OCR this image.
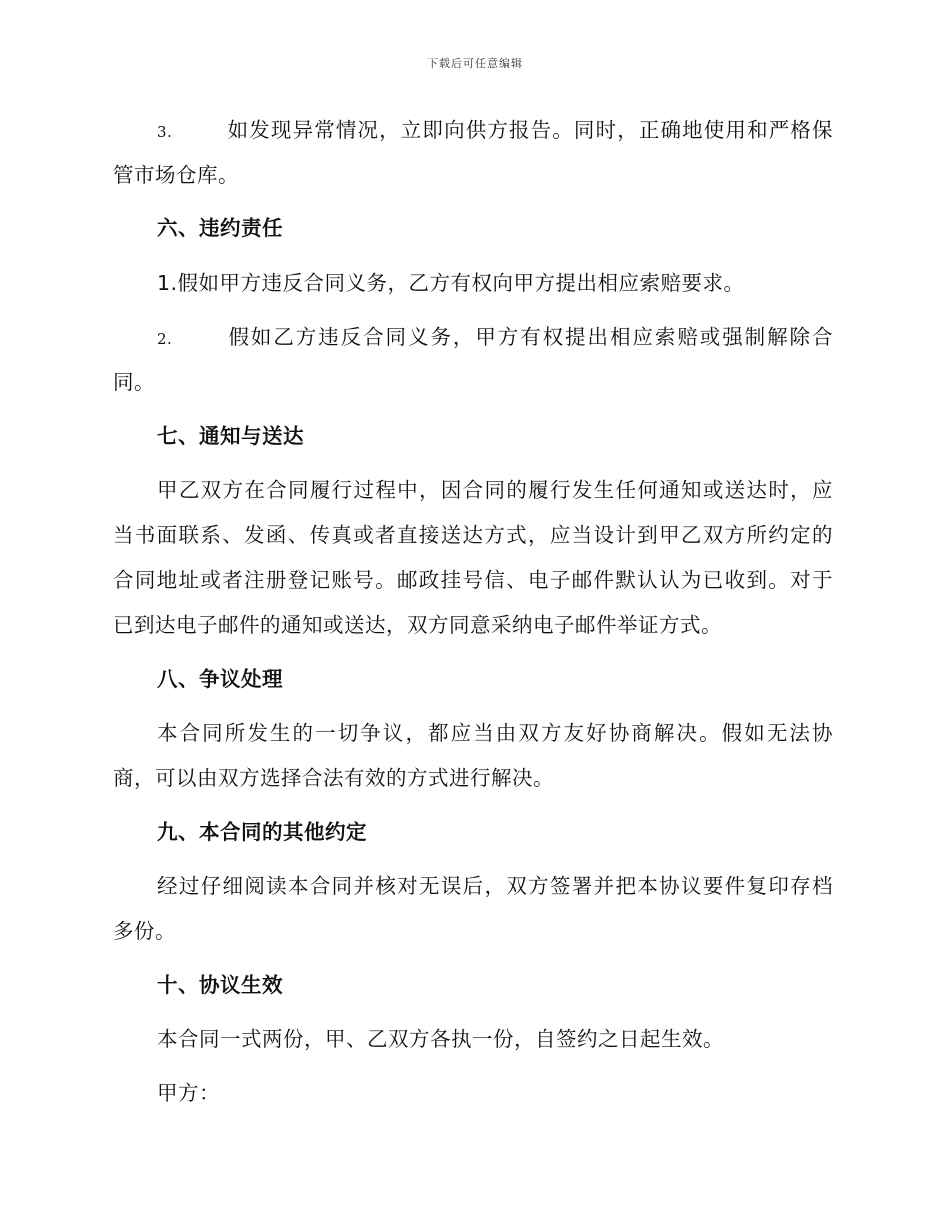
下载后可任意编辑
3.	如发现异常情况，立即向供方报告。同时，正确地使用和严格保
管市场仓库。
六、违约责任
1.假如甲方违反合同义务，乙方有权向甲方提出相应索赔要求。
2.	假如乙方违反合同义务，甲方有权提出相应索赔或强制解除合
同。
七、通知与送达
甲乙双方在合同履行过程中，因合同的履行发生任何通知或送达时，应
当书面联系、发函、传真或者直接送达方式，应当设计到甲乙双方所约定的
合同地址或者注册登记账号。邮政挂号信、电子邮件默认认为已收到。对于
已到达电子邮件的通知或送达，双方同意采纳电子邮件举证方式。
八、争议处理
本合同所发生的一切争议，都应当由双方友好协商解决。假如无法协
商，可以由双方选择合法有效的方式进行解决。
九、本合同的其他约定
经过仔细阅读本合同并核对无误后，双方签署并把本协议要件复印存档
多份。
十、协议生效
本合同一式两份，甲、乙双方各执一份，自签约之日起生效。
甲方：
